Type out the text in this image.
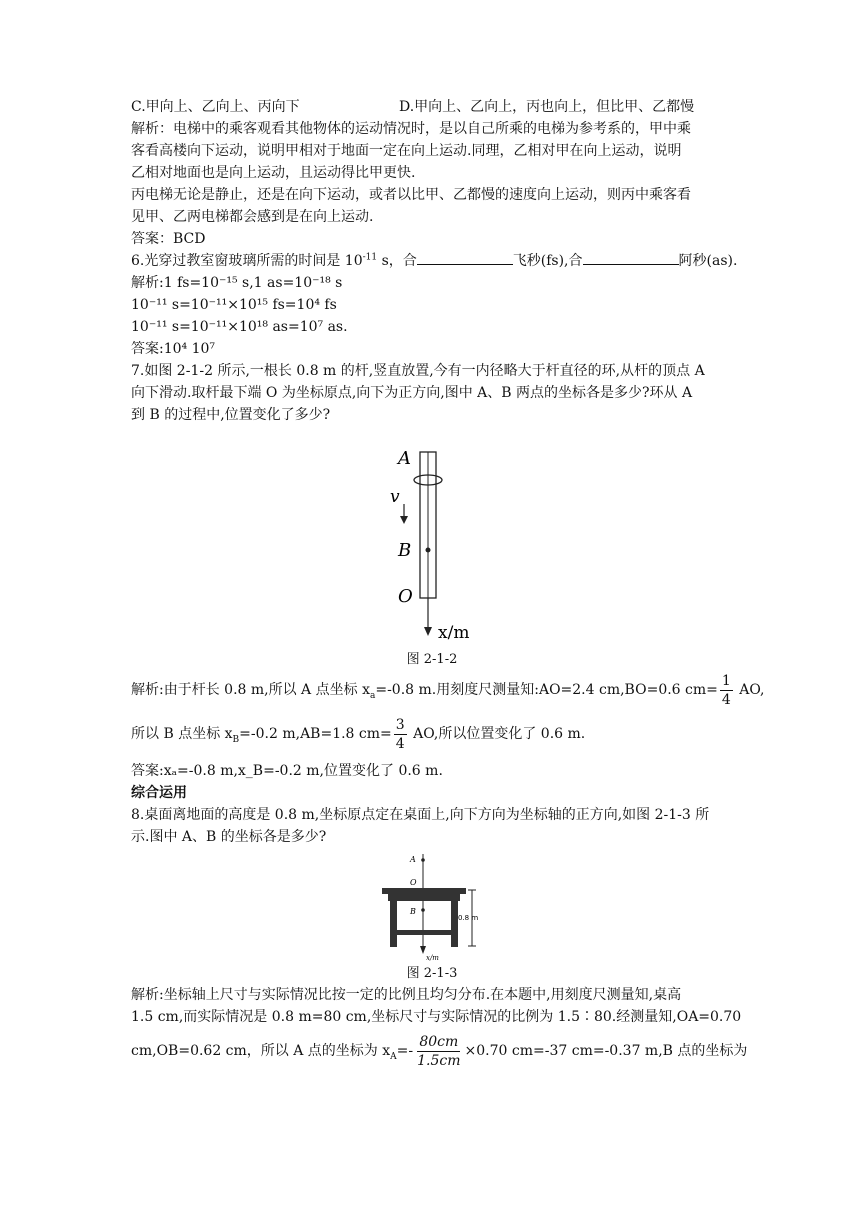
C.甲向上、乙向上、丙向下	D.甲向上、乙向上，丙也向上，但比甲、乙都慢
解析：电梯中的乘客观看其他物体的运动情况时，是以自己所乘的电梯为参考系的，甲中乘
客看高楼向下运动，说明甲相对于地面一定在向上运动.同理，乙相对甲在向上运动，说明
乙相对地面也是向上运动，且运动得比甲更快.
丙电梯无论是静止，还是在向下运动，或者以比甲、乙都慢的速度向上运动，则丙中乘客看
见甲、乙两电梯都会感到是在向上运动.
答案：BCD
6.光穿过教室窗玻璃所需的时间是 $10^{-11}$ s，合	飞秒(fs),合	阿秒(as).
解析:1 fs=10⁻¹⁵ s,1 as=10⁻¹⁸ s
10⁻¹¹ s=10⁻¹¹×10¹⁵ fs=10⁴ fs
10⁻¹¹ s=10⁻¹¹×10¹⁸ as=10⁷ as.
答案:10⁴ 10⁷
7.如图 2-1-2 所示,一根长 0.8 m 的杆,竖直放置,今有一内径略大于杆直径的环,从杆的顶点 A
向下滑动.取杆最下端 O 为坐标原点,向下为正方向,图中 A、B 两点的坐标各是多少?环从 A
到 B 的过程中,位置变化了多少?
A
v
B
O
x/m
图 2-1-2
解析:由于杆长 0.8 m,所以 A 点坐标 $x_a=-0.8$ m.用刻度尺测量知:AO=2.4 cm,BO=0.6 $cm= \frac{1}{4}$ AO,
所以 B 点坐标 $x_B=-0.2$ m,AB=1.8 $cm= \frac{3}{4}$ AO,所以位置变化了 0.6 m.
答案:xₐ=-0.8 m,x_B=-0.2 m,位置变化了 0.6 m.
综合运用
8.桌面离地面的高度是 0.8 m,坐标原点定在桌面上,向下方向为坐标轴的正方向,如图 2-1-3 所
示.图中 A、B 的坐标各是多少?
A
O
B
0.8 m
x/m
图 2-1-3
解析:坐标轴上尺寸与实际情况比按一定的比例且均匀分布.在本题中,用刻度尺测量知,桌高
1.5 cm,而实际情况是 0.8 m=80 cm,坐标尺寸与实际情况的比例为 1.5∶80.经测量知,OA=0.70
cm,OB=0.62 cm，所以 A 点的坐标为 $x_A=- \frac{80cm}{1.5cm} \times 0.70$ cm=-37 cm=-0.37 m,B 点的坐标为
